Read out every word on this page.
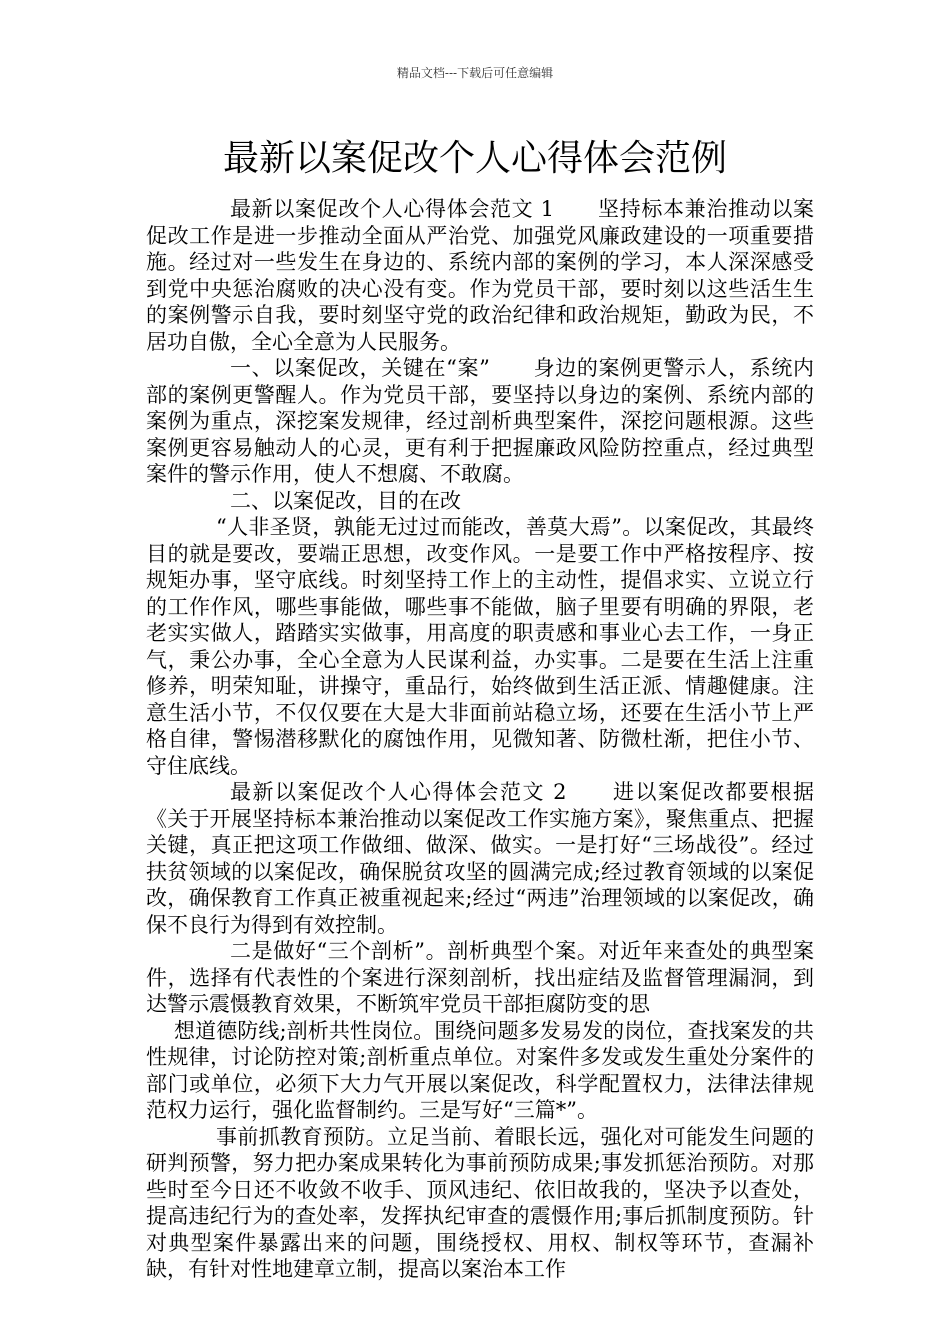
精品文档---下载后可任意编辑
最新以案促改个人心得体会范例

最新以案促改个人心得体会范文 1　　坚持标本兼治推动以案促改工作是进一步推动全面从严治党、加强党风廉政建设的一项重要措施。经过对一些发生在身边的、系统内部的案例的学习，本人深深感受到党中央惩治腐败的决心没有变。作为党员干部，要时刻以这些活生生的案例警示自我，要时刻坚守党的政治纪律和政治规矩，勤政为民，不居功自傲，全心全意为人民服务。

一、以案促改，关键在“案”　　身边的案例更警示人，系统内部的案例更警醒人。作为党员干部，要坚持以身边的案例、系统内部的案例为重点，深挖案发规律，经过剖析典型案件，深挖问题根源。这些案例更容易触动人的心灵，更有利于把握廉政风险防控重点，经过典型案件的警示作用，使人不想腐、不敢腐。

二、以案促改，目的在改

“人非圣贤，孰能无过过而能改，善莫大焉”。以案促改，其最终目的就是要改，要端正思想，改变作风。一是要工作中严格按程序、按规矩办事，坚守底线。时刻坚持工作上的主动性，提倡求实、立说立行的工作作风，哪些事能做，哪些事不能做，脑子里要有明确的界限，老老实实做人，踏踏实实做事，用高度的职责感和事业心去工作，一身正气，秉公办事，全心全意为人民谋利益，办实事。二是要在生活上注重修养，明荣知耻，讲操守，重品行，始终做到生活正派、情趣健康。注意生活小节，不仅仅要在大是大非面前站稳立场，还要在生活小节上严格自律，警惕潜移默化的腐蚀作用，见微知著、防微杜渐，把住小节、守住底线。

最新以案促改个人心得体会范文 2　　进以案促改都要根据《关于开展坚持标本兼治推动以案促改工作实施方案》，聚焦重点、把握关键，真正把这项工作做细、做深、做实。一是打好“三场战役”。经过扶贫领域的以案促改，确保脱贫攻坚的圆满完成;经过教育领域的以案促改，确保教育工作真正被重视起来;经过“两违”治理领域的以案促改，确保不良行为得到有效控制。

二是做好“三个剖析”。剖析典型个案。对近年来查处的典型案件，选择有代表性的个案进行深刻剖析，找出症结及监督管理漏洞，到达警示震慑教育效果，不断筑牢党员干部拒腐防变的思

想道德防线;剖析共性岗位。围绕问题多发易发的岗位，查找案发的共性规律，讨论防控对策;剖析重点单位。对案件多发或发生重处分案件的部门或单位，必须下大力气开展以案促改，科学配置权力，法律法律规范权力运行，强化监督制约。三是写好“三篇*”。

事前抓教育预防。立足当前、着眼长远，强化对可能发生问题的研判预警，努力把办案成果转化为事前预防成果;事发抓惩治预防。对那些时至今日还不收敛不收手、顶风违纪、依旧故我的，坚决予以查处，提高违纪行为的查处率，发挥执纪审查的震慑作用;事后抓制度预防。针对典型案件暴露出来的问题，围绕授权、用权、制权等环节，查漏补缺，有针对性地建章立制，提高以案治本工作
